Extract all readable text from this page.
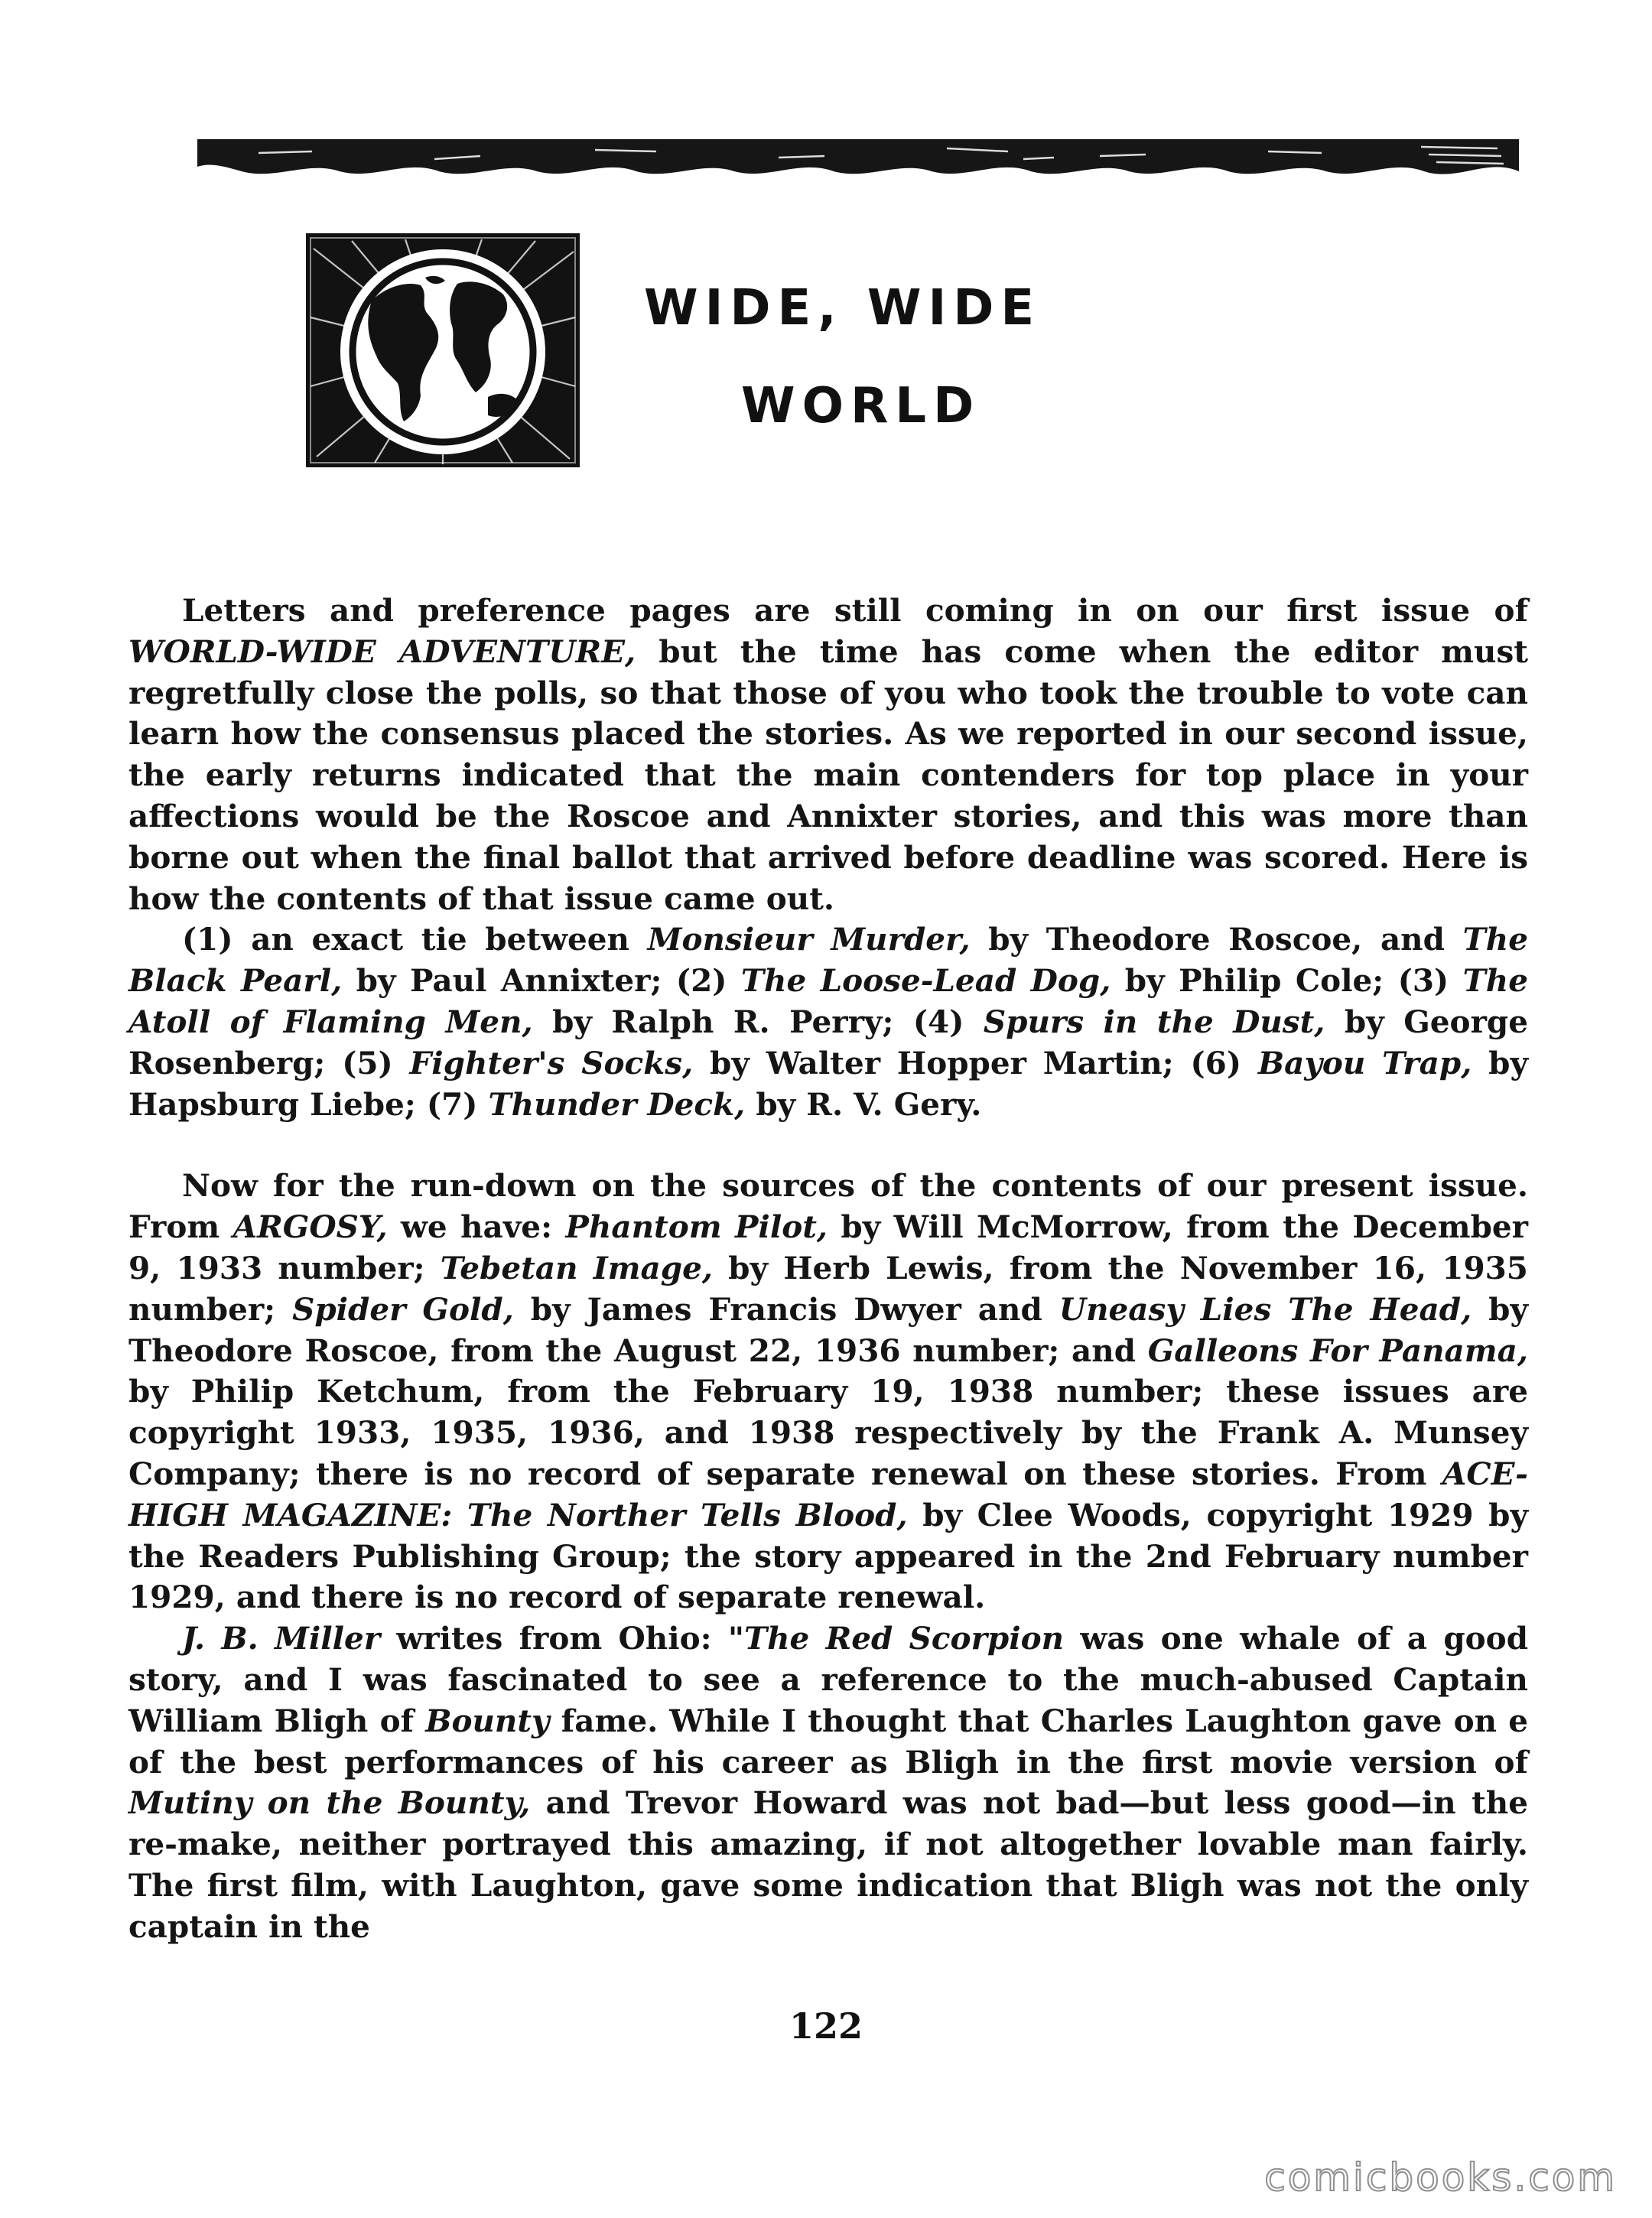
WIDE, WIDE
WORLD

Letters and preference pages are still coming in on our first issue of WORLD-WIDE ADVENTURE, but the time has come when the editor must regretfully close the polls, so that those of you who took the trouble to vote can learn how the consensus placed the stories. As we reported in our second issue, the early returns indicated that the main contenders for top place in your affections would be the Roscoe and Annixter stories, and this was more than borne out when the final ballot that arrived before deadline was scored. Here is how the contents of that issue came out.

(1) an exact tie between Monsieur Murder, by Theodore Roscoe, and The Black Pearl, by Paul Annixter; (2) The Loose-Lead Dog, by Philip Cole; (3) The Atoll of Flaming Men, by Ralph R. Perry; (4) Spurs in the Dust, by George Rosenberg; (5) Fighter's Socks, by Walter Hopper Martin; (6) Bayou Trap, by Hapsburg Liebe; (7) Thunder Deck, by R. V. Gery.

Now for the run-down on the sources of the contents of our present issue. From ARGOSY, we have: Phantom Pilot, by Will McMorrow, from the December 9, 1933 number; Tebetan Image, by Herb Lewis, from the November 16, 1935 number; Spider Gold, by James Francis Dwyer and Uneasy Lies The Head, by Theodore Roscoe, from the August 22, 1936 number; and Galleons For Panama, by Philip Ketchum, from the February 19, 1938 number; these issues are copyright 1933, 1935, 1936, and 1938 respectively by the Frank A. Munsey Company; there is no record of separate renewal on these stories. From ACE-HIGH MAGAZINE: The Norther Tells Blood, by Clee Woods, copyright 1929 by the Readers Publishing Group; the story appeared in the 2nd February number 1929, and there is no record of separate renewal.

J. B. Miller writes from Ohio: "The Red Scorpion was one whale of a good story, and I was fascinated to see a reference to the much-abused Captain William Bligh of Bounty fame. While I thought that Charles Laughton gave on e of the best performances of his career as Bligh in the first movie version of Mutiny on the Bounty, and Trevor Howard was not bad—but less good—in the re-make, neither portrayed this amazing, if not altogether lovable man fairly. The first film, with Laughton, gave some indication that Bligh was not the only captain in the

122

comicbooks.com
